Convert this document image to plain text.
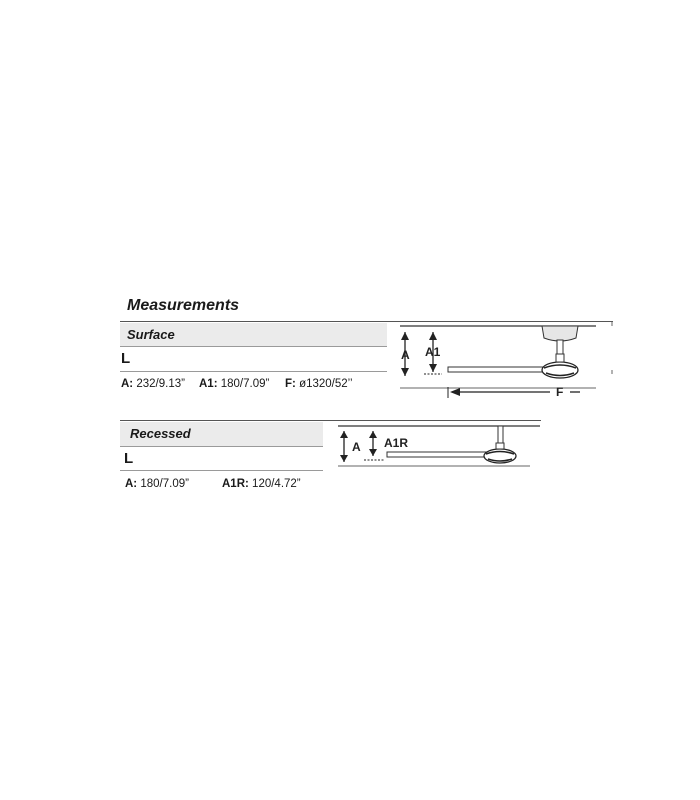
Measurements
Surface
L
A: 232/9.13” A1: 180/7.09” F: ø1320/52’’
A A1
F
Recessed
L
A: 180/7.09”	A1R: 120/4.72”
A A1R
